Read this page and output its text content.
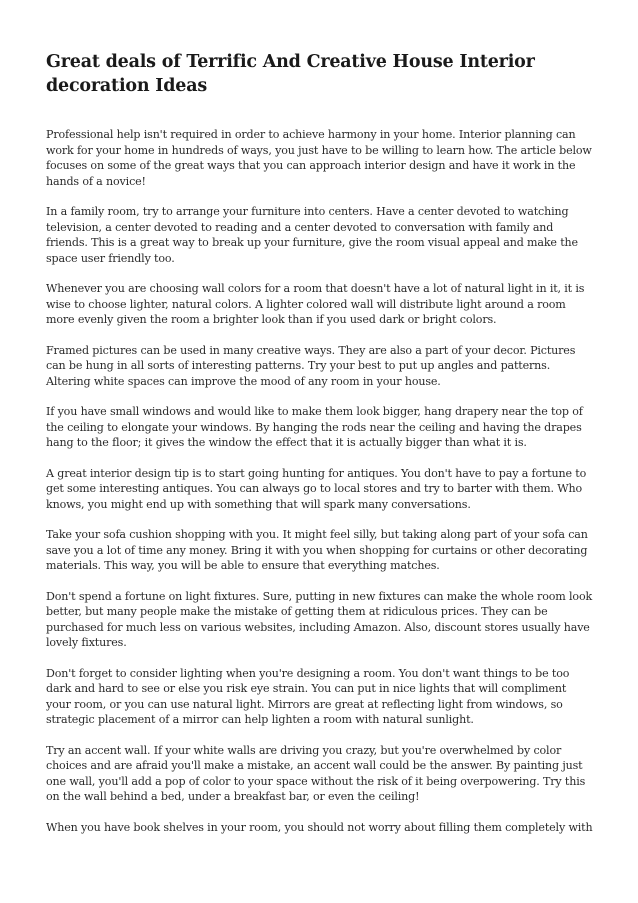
Great deals of Terrific And Creative House Interior decoration Ideas

Professional help isn't required in order to achieve harmony in your home. Interior planning can work for your home in hundreds of ways, you just have to be willing to learn how. The article below focuses on some of the great ways that you can approach interior design and have it work in the hands of a novice!

In a family room, try to arrange your furniture into centers. Have a center devoted to watching television, a center devoted to reading and a center devoted to conversation with family and friends. This is a great way to break up your furniture, give the room visual appeal and make the space user friendly too.

Whenever you are choosing wall colors for a room that doesn't have a lot of natural light in it, it is wise to choose lighter, natural colors. A lighter colored wall will distribute light around a room more evenly given the room a brighter look than if you used dark or bright colors.

Framed pictures can be used in many creative ways. They are also a part of your decor. Pictures can be hung in all sorts of interesting patterns. Try your best to put up angles and patterns. Altering white spaces can improve the mood of any room in your house.

If you have small windows and would like to make them look bigger, hang drapery near the top of the ceiling to elongate your windows. By hanging the rods near the ceiling and having the drapes hang to the floor; it gives the window the effect that it is actually bigger than what it is.

A great interior design tip is to start going hunting for antiques. You don't have to pay a fortune to get some interesting antiques. You can always go to local stores and try to barter with them. Who knows, you might end up with something that will spark many conversations.

Take your sofa cushion shopping with you. It might feel silly, but taking along part of your sofa can save you a lot of time any money. Bring it with you when shopping for curtains or other decorating materials. This way, you will be able to ensure that everything matches.

Don't spend a fortune on light fixtures. Sure, putting in new fixtures can make the whole room look better, but many people make the mistake of getting them at ridiculous prices. They can be purchased for much less on various websites, including Amazon. Also, discount stores usually have lovely fixtures.

Don't forget to consider lighting when you're designing a room. You don't want things to be too dark and hard to see or else you risk eye strain. You can put in nice lights that will compliment your room, or you can use natural light. Mirrors are great at reflecting light from windows, so strategic placement of a mirror can help lighten a room with natural sunlight.

Try an accent wall. If your white walls are driving you crazy, but you're overwhelmed by color choices and are afraid you'll make a mistake, an accent wall could be the answer. By painting just one wall, you'll add a pop of color to your space without the risk of it being overpowering. Try this on the wall behind a bed, under a breakfast bar, or even the ceiling!

When you have book shelves in your room, you should not worry about filling them completely with
